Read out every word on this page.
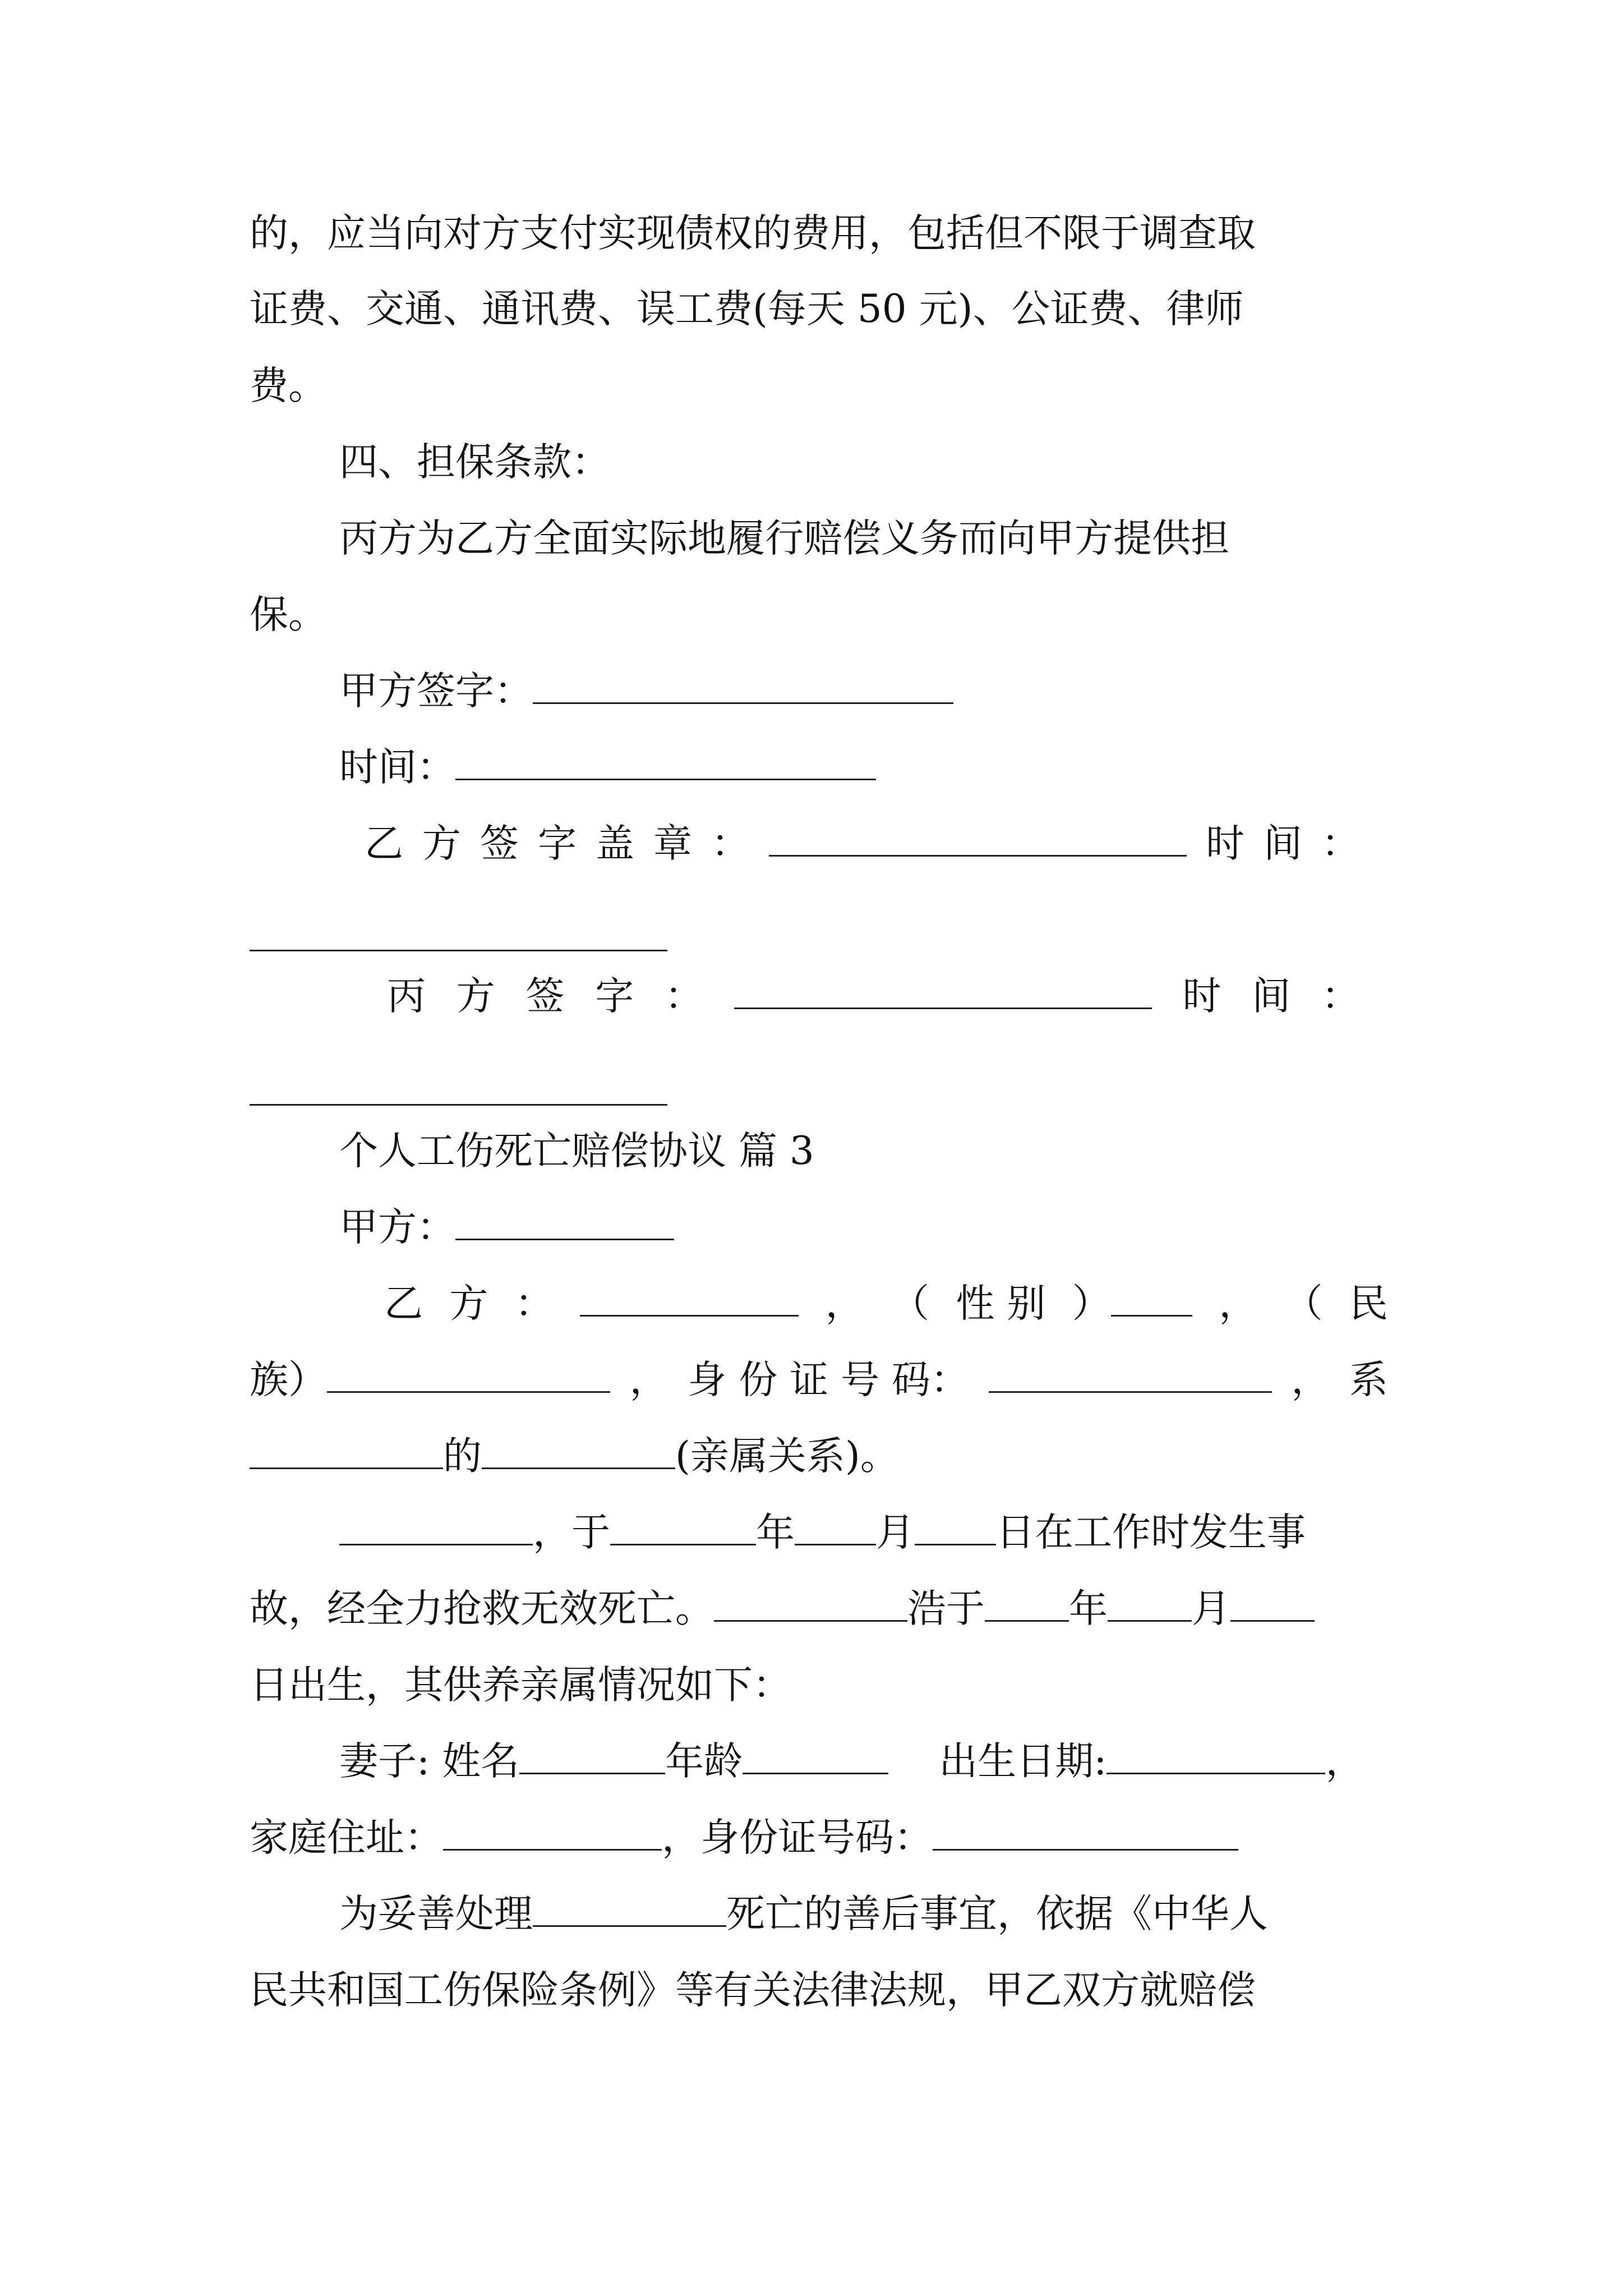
的，应当向对方支付实现债权的费用，包括但不限于调查取
证费、交通、通讯费、误工费(每天 50 元)、公证费、律师
费。
四、担保条款：
丙方为乙方全面实际地履行赔偿义务而向甲方提供担
保。
甲方签字：
时间：
乙 方 签 字 盖 章 ：	时 间 ：
丙 方 签 字 ：	时 间 ：
个人工伤死亡赔偿协议 篇 3
甲方：
乙 方 ：	， （ 性 别 ）	， （ 民
族）	， 身 份 证 号 码：	， 系
的	(亲属关系)。
，于	年 月 日在工作时发生事
故，经全力抢救无效死亡。	浩于 年 月
日出生，其供养亲属情况如下：
妻子: 姓名	年龄	出生日期:	，
家庭住址：	，身份证号码：
为妥善处理	死亡的善后事宜，依据《中华人
民共和国工伤保险条例》等有关法律法规，甲乙双方就赔偿
